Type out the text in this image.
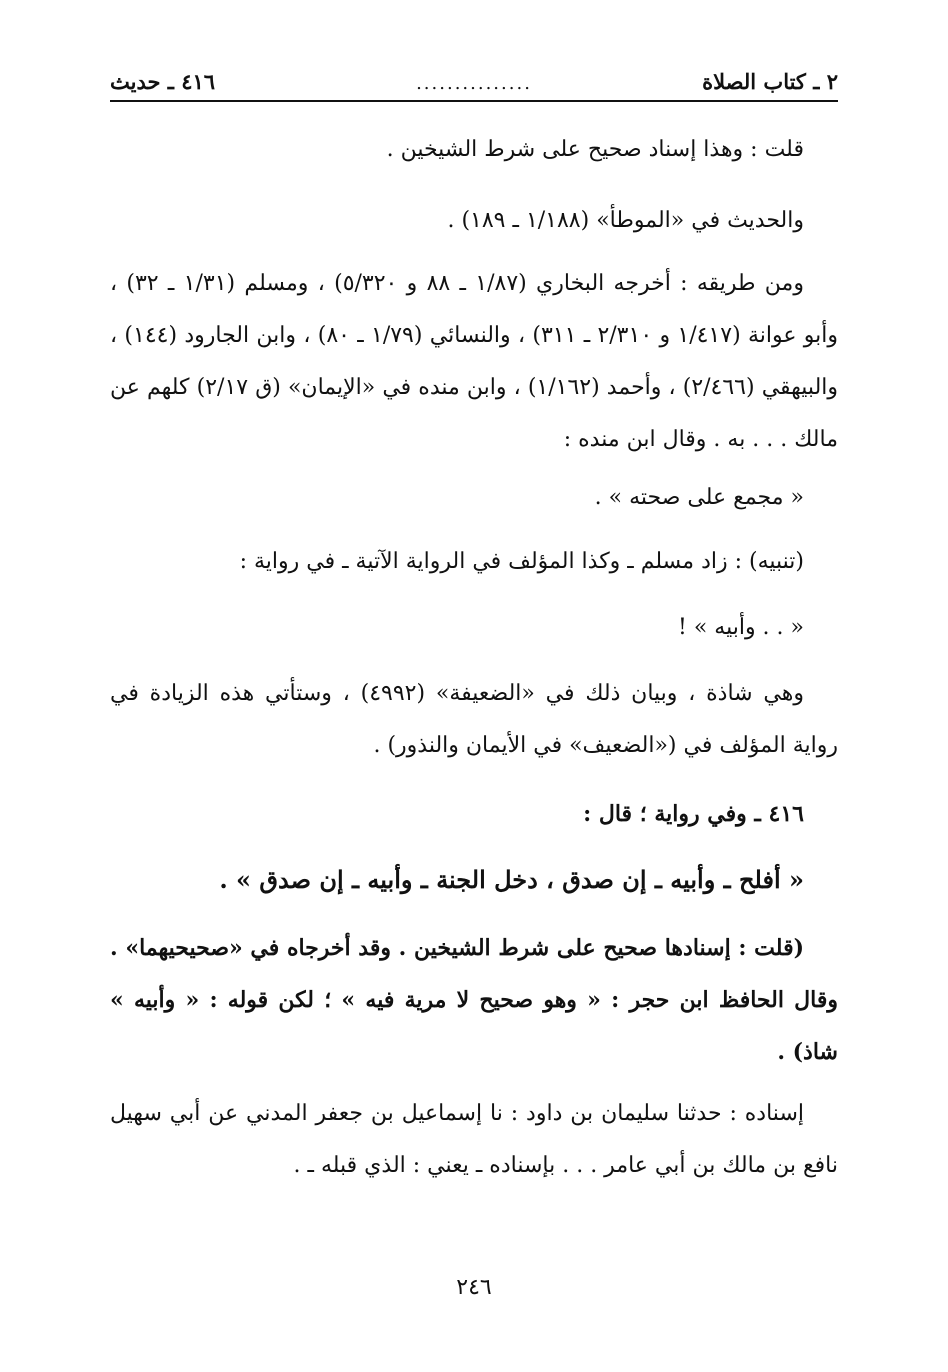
٢ ـ كتاب الصلاة
...............
٤١٦ ـ حديث

قلت : وهذا إسناد صحيح على شرط الشيخين .

والحديث في «الموطأ» (١/١٨٨ ـ ١٨٩) .

ومن طريقه : أخرجه البخاري (١/٨٧ ـ ٨٨ و ٥/٣٢٠) ، ومسلم (١/٣١ ـ ٣٢) ، وأبو عوانة (١/٤١٧ و ٢/٣١٠ ـ ٣١١) ، والنسائي (١/٧٩ ـ ٨٠) ، وابن الجارود (١٤٤) ، والبيهقي (٢/٤٦٦) ، وأحمد (١/١٦٢) ، وابن منده في «الإيمان» (ق ٢/١٧) كلهم عن مالك . . . به . وقال ابن منده :

« مجمع على صحته » .

(تنبيه) : زاد مسلم ـ وكذا المؤلف في الرواية الآتية ـ في رواية :

« . . وأبيه » !

وهي شاذة ، وبيان ذلك في «الضعيفة» (٤٩٩٢) ، وستأتي هذه الزيادة في رواية المؤلف في («الضعيف» في الأيمان والنذور) .

٤١٦ ـ وفي رواية ؛ قال :

« أفلح ـ وأبيه ـ إن صدق ، دخل الجنة ـ وأبيه ـ إن صدق » .

(قلت : إسنادها صحيح على شرط الشيخين . وقد أخرجاه في «صحيحيهما» . وقال الحافظ ابن حجر : « وهو صحيح لا مرية فيه » ؛ لكن قوله : « وأبيه » شاذ) .

إسناده : حدثنا سليمان بن داود : نا إسماعيل بن جعفر المدني عن أبي سهيل نافع بن مالك بن أبي عامر . . . بإسناده ـ يعني : الذي قبله ـ .

٢٤٦
